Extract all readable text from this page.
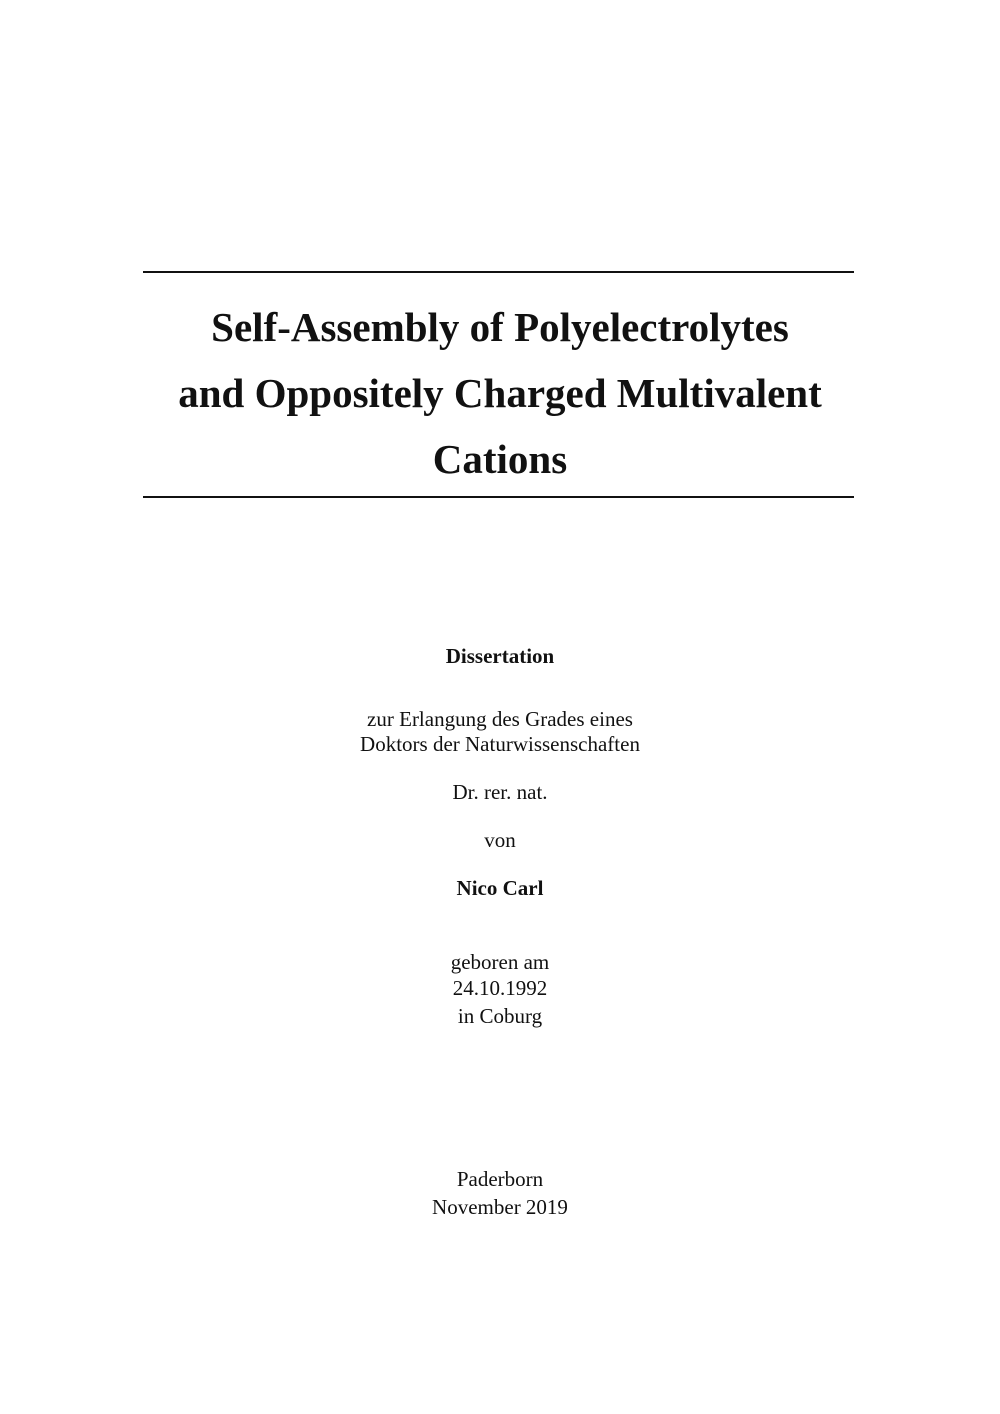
Self-Assembly of Polyelectrolytes
and Oppositely Charged Multivalent
Cations
Dissertation
zur Erlangung des Grades eines
Doktors der Naturwissenschaften
Dr. rer. nat.
von
Nico Carl
geboren am
24.10.1992
in Coburg
Paderborn
November 2019
